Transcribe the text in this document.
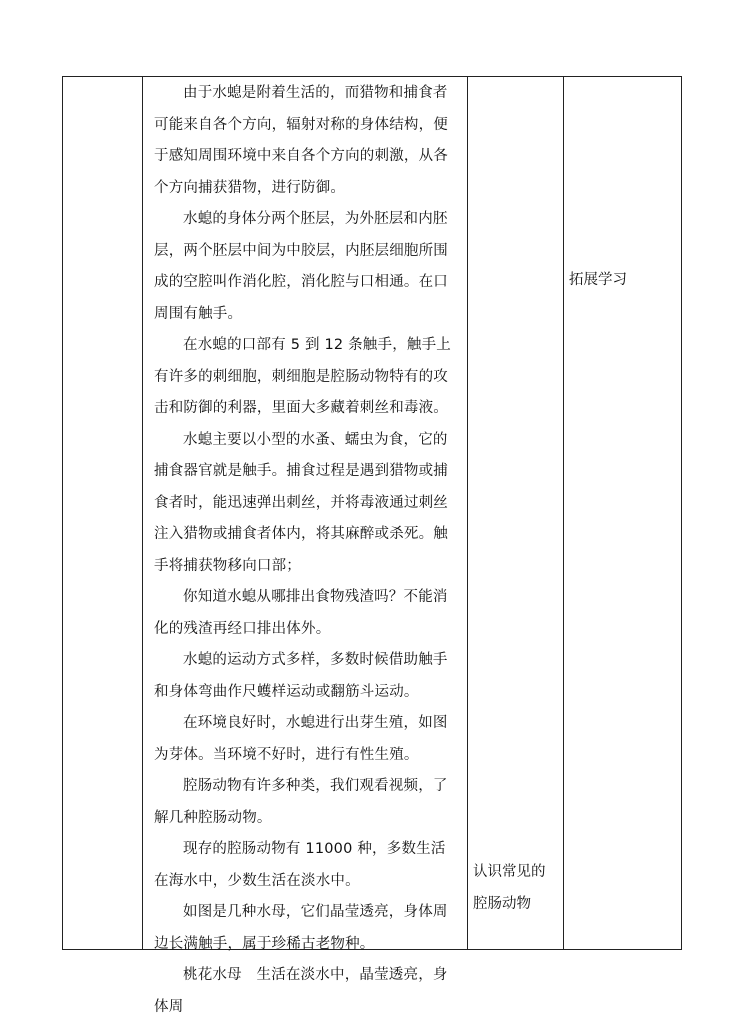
由于水螅是附着生活的，而猎物和捕食者可能来自各个方向，辐射对称的身体结构，便于感知周围环境中来自各个方向的刺激，从各个方向捕获猎物，进行防御。

水螅的身体分两个胚层，为外胚层和内胚层，两个胚层中间为中胶层，内胚层细胞所围成的空腔叫作消化腔，消化腔与口相通。在口周围有触手。

在水螅的口部有 5 到 12 条触手，触手上有许多的刺细胞，刺细胞是腔肠动物特有的攻击和防御的利器，里面大多藏着刺丝和毒液。

水螅主要以小型的水蚤、蠕虫为食，它的捕食器官就是触手。捕食过程是遇到猎物或捕食者时，能迅速弹出刺丝，并将毒液通过刺丝注入猎物或捕食者体内，将其麻醉或杀死。触手将捕获物移向口部；

你知道水螅从哪排出食物残渣吗？不能消化的残渣再经口排出体外。

水螅的运动方式多样，多数时候借助触手和身体弯曲作尺蠖样运动或翻筋斗运动。

在环境良好时，水螅进行出芽生殖，如图为芽体。当环境不好时，进行有性生殖。

腔肠动物有许多种类，我们观看视频，了解几种腔肠动物。

现存的腔肠动物有 11000 种，多数生活在海水中，少数生活在淡水中。

如图是几种水母，它们晶莹透亮，身体周边长满触手，属于珍稀古老物种。

桃花水母　生活在淡水中，晶莹透亮，身体周

认识常见的腔肠动物

拓展学习
